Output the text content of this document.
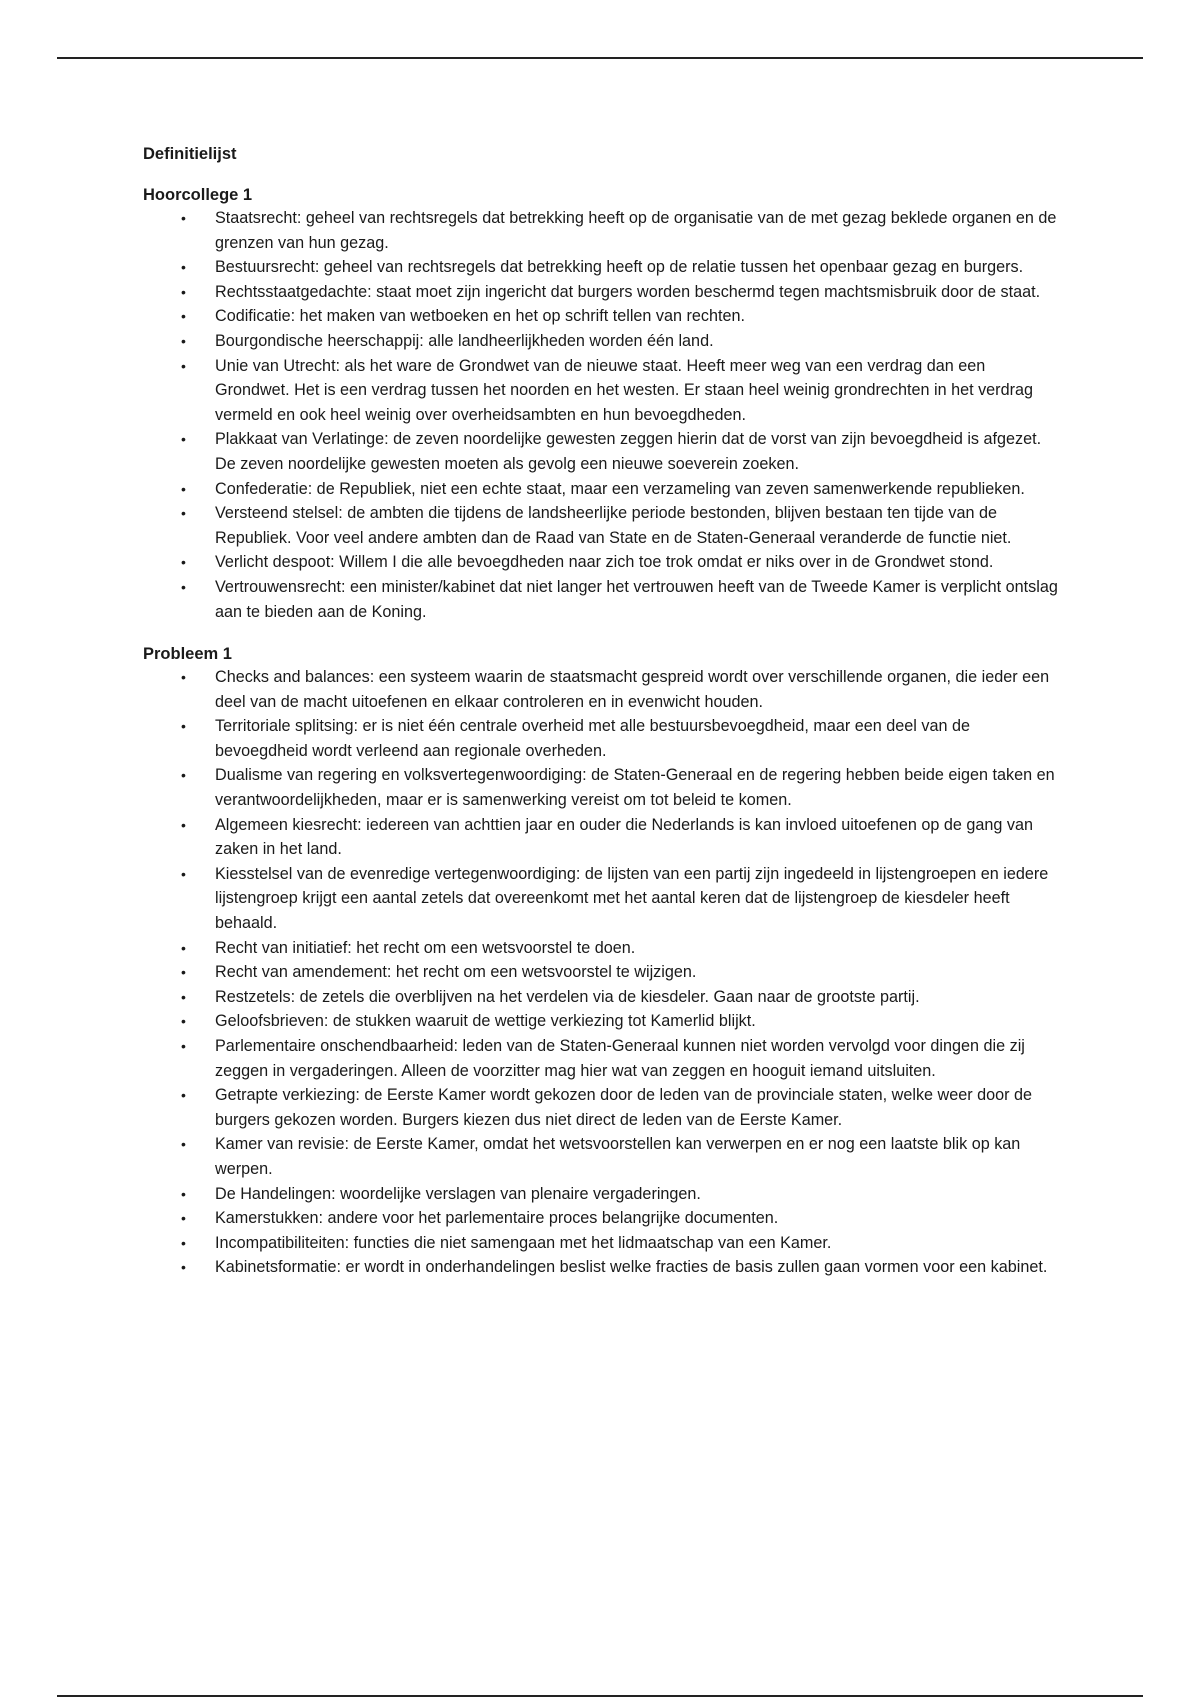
Definitielijst

Hoorcollege 1

• Staatsrecht: geheel van rechtsregels dat betrekking heeft op de organisatie van de met gezag beklede organen en de grenzen van hun gezag.
• Bestuursrecht: geheel van rechtsregels dat betrekking heeft op de relatie tussen het openbaar gezag en burgers.
• Rechtsstaatgedachte: staat moet zijn ingericht dat burgers worden beschermd tegen machtsmisbruik door de staat.
• Codificatie: het maken van wetboeken en het op schrift tellen van rechten.
• Bourgondische heerschappij: alle landheerlijkheden worden één land.
• Unie van Utrecht: als het ware de Grondwet van de nieuwe staat. Heeft meer weg van een verdrag dan een Grondwet. Het is een verdrag tussen het noorden en het westen. Er staan heel weinig grondrechten in het verdrag vermeld en ook heel weinig over overheidsambten en hun bevoegdheden.
• Plakkaat van Verlatinge: de zeven noordelijke gewesten zeggen hierin dat de vorst van zijn bevoegdheid is afgezet. De zeven noordelijke gewesten moeten als gevolg een nieuwe soeverein zoeken.
• Confederatie: de Republiek, niet een echte staat, maar een verzameling van zeven samenwerkende republieken.
• Versteend stelsel: de ambten die tijdens de landsheerlijke periode bestonden, blijven bestaan ten tijde van de Republiek. Voor veel andere ambten dan de Raad van State en de Staten-Generaal veranderde de functie niet.
• Verlicht despoot: Willem I die alle bevoegdheden naar zich toe trok omdat er niks over in de Grondwet stond.
• Vertrouwensrecht: een minister/kabinet dat niet langer het vertrouwen heeft van de Tweede Kamer is verplicht ontslag aan te bieden aan de Koning.

Probleem 1

• Checks and balances: een systeem waarin de staatsmacht gespreid wordt over verschillende organen, die ieder een deel van de macht uitoefenen en elkaar controleren en in evenwicht houden.
• Territoriale splitsing: er is niet één centrale overheid met alle bestuursbevoegdheid, maar een deel van de bevoegdheid wordt verleend aan regionale overheden.
• Dualisme van regering en volksvertegenwoordiging: de Staten-Generaal en de regering hebben beide eigen taken en verantwoordelijkheden, maar er is samenwerking vereist om tot beleid te komen.
• Algemeen kiesrecht: iedereen van achttien jaar en ouder die Nederlands is kan invloed uitoefenen op de gang van zaken in het land.
• Kiesstelsel van de evenredige vertegenwoordiging: de lijsten van een partij zijn ingedeeld in lijstengroepen en iedere lijstengroep krijgt een aantal zetels dat overeenkomt met het aantal keren dat de lijstengroep de kiesdeler heeft behaald.
• Recht van initiatief: het recht om een wetsvoorstel te doen.
• Recht van amendement: het recht om een wetsvoorstel te wijzigen.
• Restzetels: de zetels die overblijven na het verdelen via de kiesdeler. Gaan naar de grootste partij.
• Geloofsbrieven: de stukken waaruit de wettige verkiezing tot Kamerlid blijkt.
• Parlementaire onschendbaarheid: leden van de Staten-Generaal kunnen niet worden vervolgd voor dingen die zij zeggen in vergaderingen. Alleen de voorzitter mag hier wat van zeggen en hooguit iemand uitsluiten.
• Getrapte verkiezing: de Eerste Kamer wordt gekozen door de leden van de provinciale staten, welke weer door de burgers gekozen worden. Burgers kiezen dus niet direct de leden van de Eerste Kamer.
• Kamer van revisie: de Eerste Kamer, omdat het wetsvoorstellen kan verwerpen en er nog een laatste blik op kan werpen.
• De Handelingen: woordelijke verslagen van plenaire vergaderingen.
• Kamerstukken: andere voor het parlementaire proces belangrijke documenten.
• Incompatibiliteiten: functies die niet samengaan met het lidmaatschap van een Kamer.
• Kabinetsformatie: er wordt in onderhandelingen beslist welke fracties de basis zullen gaan vormen voor een kabinet.
